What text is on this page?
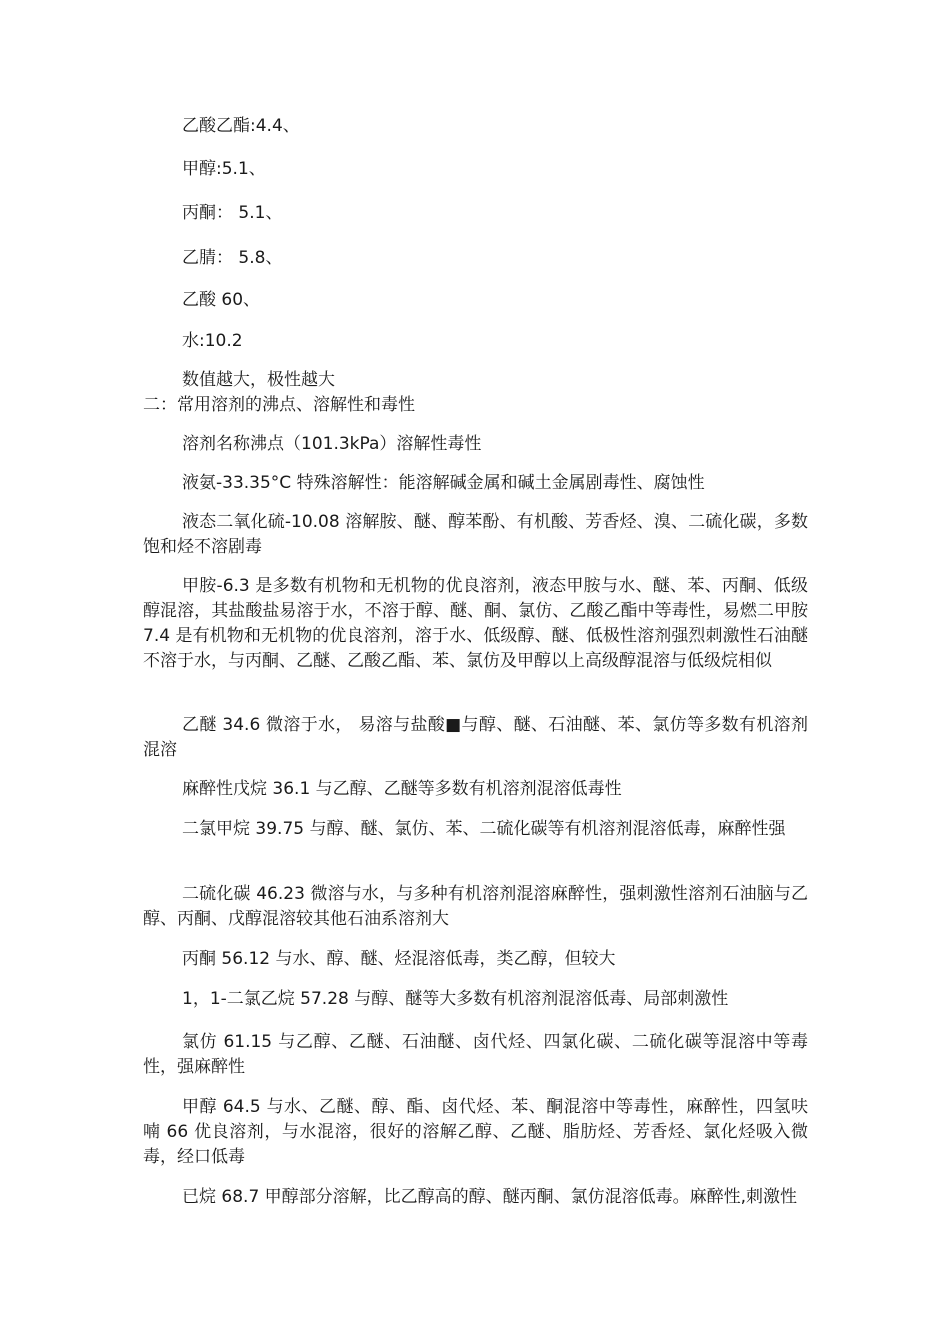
乙酸乙酯:4.4、
甲醇:5.1、
丙酮： 5.1、
乙腈： 5.8、
乙酸 60、
水:10.2
数值越大，极性越大
二：常用溶剂的沸点、溶解性和毒性
溶剂名称沸点（101.3kPa）溶解性毒性
液氨-33.35°C 特殊溶解性：能溶解碱金属和碱土金属剧毒性、腐蚀性
液态二氧化硫-10.08 溶解胺、醚、醇苯酚、有机酸、芳香烃、溴、二硫化碳，多数饱和烃不溶剧毒
甲胺-6.3 是多数有机物和无机物的优良溶剂，液态甲胺与水、醚、苯、丙酮、低级醇混溶，其盐酸盐易溶于水，不溶于醇、醚、酮、氯仿、乙酸乙酯中等毒性，易燃二甲胺 7.4 是有机物和无机物的优良溶剂，溶于水、低级醇、醚、低极性溶剂强烈刺激性石油醚不溶于水，与丙酮、乙醚、乙酸乙酯、苯、氯仿及甲醇以上高级醇混溶与低级烷相似
乙醚 34.6 微溶于水， 易溶与盐酸■与醇、醚、石油醚、苯、氯仿等多数有机溶剂混溶
麻醉性戊烷 36.1 与乙醇、乙醚等多数有机溶剂混溶低毒性
二氯甲烷 39.75 与醇、醚、氯仿、苯、二硫化碳等有机溶剂混溶低毒，麻醉性强
二硫化碳 46.23 微溶与水，与多种有机溶剂混溶麻醉性，强刺激性溶剂石油脑与乙醇、丙酮、戊醇混溶较其他石油系溶剂大
丙酮 56.12 与水、醇、醚、烃混溶低毒，类乙醇，但较大
1，1-二氯乙烷 57.28 与醇、醚等大多数有机溶剂混溶低毒、局部刺激性
氯仿 61.15 与乙醇、乙醚、石油醚、卤代烃、四氯化碳、二硫化碳等混溶中等毒性，强麻醉性
甲醇 64.5 与水、乙醚、醇、酯、卤代烃、苯、酮混溶中等毒性，麻醉性，四氢呋喃 66 优良溶剂，与水混溶，很好的溶解乙醇、乙醚、脂肪烃、芳香烃、氯化烃吸入微毒，经口低毒
已烷 68.7 甲醇部分溶解，比乙醇高的醇、醚丙酮、氯仿混溶低毒。麻醉性,刺激性
